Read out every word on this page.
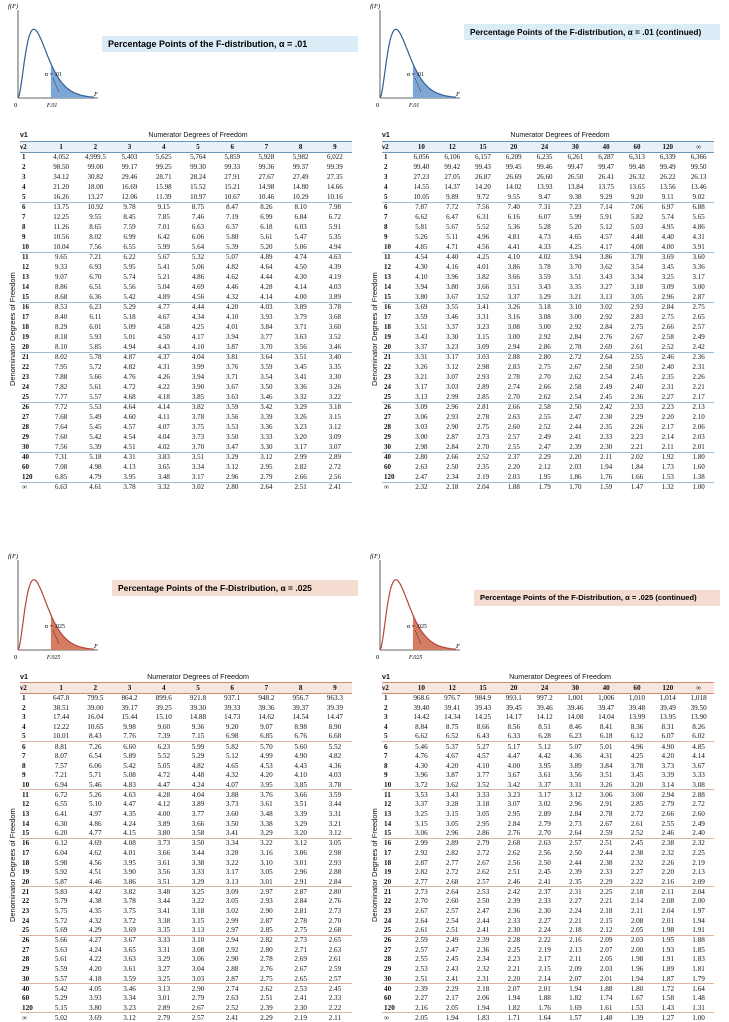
f(F)
F
0	F.01
α = .01
Percentage Points of the F-distribution, α = .01
ν1	Numerator Degrees of Freedom								
ν2	1	2	3	4	5	6	7	8	9
1	4,052	4,999.5	5,403	5,625	5,764	5,859	5,928	5,982	6,022
2	98.50	99.00	99.17	99.25	99.30	99.33	99.36	99.37	99.39
3	34.12	30.82	29.46	28.71	28.24	27.91	27.67	27.49	27.35
4	21.20	18.00	16.69	15.98	15.52	15.21	14.98	14.80	14.66
5	16.26	13.27	12.06	11.39	10.97	10.67	10.46	10.29	10.16
6	13.75	10.92	9.78	9.15	8.75	8.47	8.26	8.10	7.98
7	12.25	9.55	8.45	7.85	7.46	7.19	6.99	6.84	6.72
8	11.26	8.65	7.59	7.01	6.63	6.37	6.18	6.03	5.91
9	10.56	8.02	6.99	6.42	6.06	5.80	5.61	5.47	5.35
10	10.04	7.56	6.55	5.99	5.64	5.39	5.20	5.06	4.94
11	9.65	7.21	6.22	5.67	5.32	5.07	4.89	4.74	4.63
12	9.33	6.93	5.95	5.41	5.06	4.82	4.64	4.50	4.39
13	9.07	6.70	5.74	5.21	4.86	4.62	4.44	4.30	4.19
14	8.86	6.51	5.56	5.04	4.69	4.46	4.28	4.14	4.03
15	8.68	6.36	5.42	4.89	4.56	4.32	4.14	4.00	3.89
16	8.53	6.23	5.29	4.77	4.44	4.20	4.03	3.89	3.78
17	8.40	6.11	5.18	4.67	4.34	4.10	3.93	3.79	3.68
18	8.29	6.01	5.09	4.58	4.25	4.01	3.84	3.71	3.60
19	8.18	5.93	5.01	4.50	4.17	3.94	3.77	3.63	3.52
20	8.10	5.85	4.94	4.43	4.10	3.87	3.70	3.56	3.46
21	8.02	5.78	4.87	4.37	4.04	3.81	3.64	3.51	3.40
22	7.95	5.72	4.82	4.31	3.99	3.76	3.59	3.45	3.35
23	7.88	5.66	4.76	4.26	3.94	3.71	3.54	3.41	3.30
24	7.82	5.61	4.72	4.22	3.90	3.67	3.50	3.36	3.26
25	7.77	5.57	4.68	4.18	3.85	3.63	3.46	3.32	3.22
26	7.72	5.53	4.64	4.14	3.82	3.59	3.42	3.29	3.18
27	7.68	5.49	4.60	4.11	3.78	3.56	3.39	3.26	3.15
28	7.64	5.45	4.57	4.07	3.75	3.53	3.36	3.23	3.12
29	7.60	5.42	4.54	4.04	3.73	3.50	3.33	3.20	3.09
30	7.56	5.39	4.51	4.02	3.70	3.47	3.30	3.17	3.07
40	7.31	5.18	4.31	3.83	3.51	3.29	3.12	2.99	2.89
60	7.08	4.98	4.13	3.65	3.34	3.12	2.95	2.82	2.72
120	6.85	4.79	3.95	3.48	3.17	2.96	2.79	2.66	2.56
∞	6.63	4.61	3.78	3.32	3.02	2.80	2.64	2.51	2.41
Denominator Degrees of Freedom
f(F)
F
0	F.01
α = .01
Percentage Points of the F-distribution, α = .01 (continued)
ν1	Numerator Degrees of Freedom									
ν2	10	12	15	20	24	30	40	60	120	∞
1	6,056	6,106	6,157	6,209	6,235	6,261	6,287	6,313	6,339	6,366
2	99.40	99.42	99.43	99.45	99.46	99.47	99.47	99.48	99.49	99.50
3	27.23	27.05	26.87	26.69	26.60	26.50	26.41	26.32	26.22	26.13
4	14.55	14.37	14.20	14.02	13.93	13.84	13.75	13.65	13.56	13.46
5	10.05	9.89	9.72	9.55	9.47	9.38	9.29	9.20	9.11	9.02
6	7.87	7.72	7.56	7.40	7.31	7.23	7.14	7.06	6.97	6.88
7	6.62	6.47	6.31	6.16	6.07	5.99	5.91	5.82	5.74	5.65
8	5.81	5.67	5.52	5.36	5.28	5.20	5.12	5.03	4.95	4.86
9	5.26	5.11	4.96	4.81	4.73	4.65	4.57	4.48	4.40	4.31
10	4.85	4.71	4.56	4.41	4.33	4.25	4.17	4.08	4.00	3.91
11	4.54	4.40	4.25	4.10	4.02	3.94	3.86	3.78	3.69	3.60
12	4.30	4.16	4.01	3.86	3.78	3.70	3.62	3.54	3.45	3.36
13	4.10	3.96	3.82	3.66	3.59	3.51	3.43	3.34	3.25	3.17
14	3.94	3.80	3.66	3.51	3.43	3.35	3.27	3.18	3.09	3.00
15	3.80	3.67	3.52	3.37	3.29	3.21	3.13	3.05	2.96	2.87
16	3.69	3.55	3.41	3.26	3.18	3.10	3.02	2.93	2.84	2.75
17	3.59	3.46	3.31	3.16	3.08	3.00	2.92	2.83	2.75	2.65
18	3.51	3.37	3.23	3.08	3.00	2.92	2.84	2.75	2.66	2.57
19	3.43	3.30	3.15	3.00	2.92	2.84	2.76	2.67	2.58	2.49
20	3.37	3.23	3.09	2.94	2.86	2.78	2.69	2.61	2.52	2.42
21	3.31	3.17	3.03	2.88	2.80	2.72	2.64	2.55	2.46	2.36
22	3.26	3.12	2.98	2.83	2.75	2.67	2.58	2.50	2.40	2.31
23	3.21	3.07	2.93	2.78	2.70	2.62	2.54	2.45	2.35	2.26
24	3.17	3.03	2.89	2.74	2.66	2.58	2.49	2.40	2.31	2.21
25	3.13	2.99	2.85	2.70	2.62	2.54	2.45	2.36	2.27	2.17
26	3.09	2.96	2.81	2.66	2.58	2.50	2.42	2.33	2.23	2.13
27	3.06	2.93	2.78	2.63	2.55	2.47	2.38	2.29	2.20	2.10
28	3.03	2.90	2.75	2.60	2.52	2.44	2.35	2.26	2.17	2.06
29	3.00	2.87	2.73	2.57	2.49	2.41	2.33	2.23	2.14	2.03
30	2.98	2.84	2.70	2.55	2.47	2.39	2.30	2.21	2.11	2.01
40	2.80	2.66	2.52	2.37	2.29	2.20	2.11	2.02	1.92	1.80
60	2.63	2.50	2.35	2.20	2.12	2.03	1.94	1.84	1.73	1.60
120	2.47	2.34	2.19	2.03	1.95	1.86	1.76	1.66	1.53	1.38
∞	2.32	2.18	2.04	1.88	1.79	1.70	1.59	1.47	1.32	1.00
Denominator Degrees of Freedom
f(F)
F
0	F.025
α = .025
Percentage Points of the F-Distribution, α = .025
ν1	Numerator Degrees of Freedom								
ν2	1	2	3	4	5	6	7	8	9
1	647.8	799.5	864.2	899.6	921.8	937.1	948.2	956.7	963.3
2	38.51	39.00	39.17	39.25	39.30	39.33	39.36	39.37	39.39
3	17.44	16.04	15.44	15.10	14.88	14.73	14.62	14.54	14.47
4	12.22	10.65	9.98	9.60	9.36	9.20	9.07	8.98	8.90
5	10.01	8.43	7.76	7.39	7.15	6.98	6.85	6.76	6.68
6	8.81	7.26	6.60	6.23	5.99	5.82	5.70	5.60	5.52
7	8.07	6.54	5.89	5.52	5.29	5.12	4.99	4.90	4.82
8	7.57	6.06	5.42	5.05	4.82	4.65	4.53	4.43	4.36
9	7.21	5.71	5.08	4.72	4.48	4.32	4.20	4.10	4.03
10	6.94	5.46	4.83	4.47	4.24	4.07	3.95	3.85	3.78
11	6.72	5.26	4.63	4.28	4.04	3.88	3.76	3.66	3.59
12	6.55	5.10	4.47	4.12	3.89	3.73	3.61	3.51	3.44
13	6.41	4.97	4.35	4.00	3.77	3.60	3.48	3.39	3.31
14	6.30	4.86	4.24	3.89	3.66	3.50	3.38	3.29	3.21
15	6.20	4.77	4.15	3.80	3.58	3.41	3.29	3.20	3.12
16	6.12	4.69	4.08	3.73	3.50	3.34	3.22	3.12	3.05
17	6.04	4.62	4.01	3.66	3.44	3.28	3.16	3.06	2.98
18	5.98	4.56	3.95	3.61	3.38	3.22	3.10	3.01	2.93
19	5.92	4.51	3.90	3.56	3.33	3.17	3.05	2.96	2.88
20	5.87	4.46	3.86	3.51	3.29	3.13	3.01	2.91	2.84
21	5.83	4.42	3.82	3.48	3.25	3.09	2.97	2.87	2.80
22	5.79	4.38	3.78	3.44	3.22	3.05	2.93	2.84	2.76
23	5.75	4.35	3.75	3.41	3.18	3.02	2.90	2.81	2.73
24	5.72	4.32	3.72	3.38	3.15	2.99	2.87	2.78	2.70
25	5.69	4.29	3.69	3.35	3.13	2.97	2.85	2.75	2.68
26	5.66	4.27	3.67	3.33	3.10	2.94	2.82	2.73	2.65
27	5.63	4.24	3.65	3.31	3.08	2.92	2.80	2.71	2.63
28	5.61	4.22	3.63	3.29	3.06	2.90	2.78	2.69	2.61
29	5.59	4.20	3.61	3.27	3.04	2.88	2.76	2.67	2.59
30	5.57	4.18	3.59	3.25	3.03	2.87	2.75	2.65	2.57
40	5.42	4.05	3.46	3.13	2.90	2.74	2.62	2.53	2.45
60	5.29	3.93	3.34	3.01	2.79	2.63	2.51	2.41	2.33
120	5.15	3.80	3.23	2.89	2.67	2.52	2.39	2.30	2.22
∞	5.02	3.69	3.12	2.79	2.57	2.41	2.29	2.19	2.11
Denominator Degrees of Freedom
f(F)
F
0	F.025
α = .025
Percentage Points of the F-Distribution, α = .025 (continued)
ν1	Numerator Degrees of Freedom									
ν2	10	12	15	20	24	30	40	60	120	∞
1	968.6	976.7	984.9	993.1	997.2	1,001	1,006	1,010	1,014	1,018
2	39.40	39.41	39.43	39.45	39.46	39.46	39.47	39.48	39.49	39.50
3	14.42	14.34	14.25	14.17	14.12	14.08	14.04	13.99	13.95	13.90
4	8.84	8.75	8.66	8.56	8.51	8.46	8.41	8.36	8.31	8.26
5	6.62	6.52	6.43	6.33	6.28	6.23	6.18	6.12	6.07	6.02
6	5.46	5.37	5.27	5.17	5.12	5.07	5.01	4.96	4.90	4.85
7	4.76	4.67	4.57	4.47	4.42	4.36	4.31	4.25	4.20	4.14
8	4.30	4.20	4.10	4.00	3.95	3.89	3.84	3.78	3.73	3.67
9	3.96	3.87	3.77	3.67	3.61	3.56	3.51	3.45	3.39	3.33
10	3.72	3.62	3.52	3.42	3.37	3.31	3.26	3.20	3.14	3.08
11	3.53	3.43	3.33	3.23	3.17	3.12	3.06	3.00	2.94	2.88
12	3.37	3.28	3.18	3.07	3.02	2.96	2.91	2.85	2.79	2.72
13	3.25	3.15	3.05	2.95	2.89	2.84	2.78	2.72	2.66	2.60
14	3.15	3.05	2.95	2.84	2.79	2.73	2.67	2.61	2.55	2.49
15	3.06	2.96	2.86	2.76	2.70	2.64	2.59	2.52	2.46	2.40
16	2.99	2.89	2.79	2.68	2.63	2.57	2.51	2.45	2.38	2.32
17	2.92	2.82	2.72	2.62	2.56	2.50	2.44	2.38	2.32	2.25
18	2.87	2.77	2.67	2.56	2.50	2.44	2.38	2.32	2.26	2.19
19	2.82	2.72	2.62	2.51	2.45	2.39	2.33	2.27	2.20	2.13
20	2.77	2.68	2.57	2.46	2.41	2.35	2.29	2.22	2.16	2.09
21	2.73	2.64	2.53	2.42	2.37	2.31	2.25	2.18	2.11	2.04
22	2.70	2.60	2.50	2.39	2.33	2.27	2.21	2.14	2.08	2.00
23	2.67	2.57	2.47	2.36	2.30	2.24	2.18	2.11	2.04	1.97
24	2.64	2.54	2.44	2.33	2.27	2.21	2.15	2.08	2.01	1.94
25	2.61	2.51	2.41	2.30	2.24	2.18	2.12	2.05	1.98	1.91
26	2.59	2.49	2.39	2.28	2.22	2.16	2.09	2.03	1.95	1.88
27	2.57	2.47	2.36	2.25	2.19	2.13	2.07	2.00	1.93	1.85
28	2.55	2.45	2.34	2.23	2.17	2.11	2.05	1.98	1.91	1.83
29	2.53	2.43	2.32	2.21	2.15	2.09	2.03	1.96	1.89	1.81
30	2.51	2.41	2.31	2.20	2.14	2.07	2.01	1.94	1.87	1.79
40	2.39	2.29	2.18	2.07	2.01	1.94	1.88	1.80	1.72	1.64
60	2.27	2.17	2.06	1.94	1.88	1.82	1.74	1.67	1.58	1.48
120	2.16	2.05	1.94	1.82	1.76	1.69	1.61	1.53	1.43	1.31
∞	2.05	1.94	1.83	1.71	1.64	1.57	1.48	1.39	1.27	1.00
Denominator Degrees of Freedom
